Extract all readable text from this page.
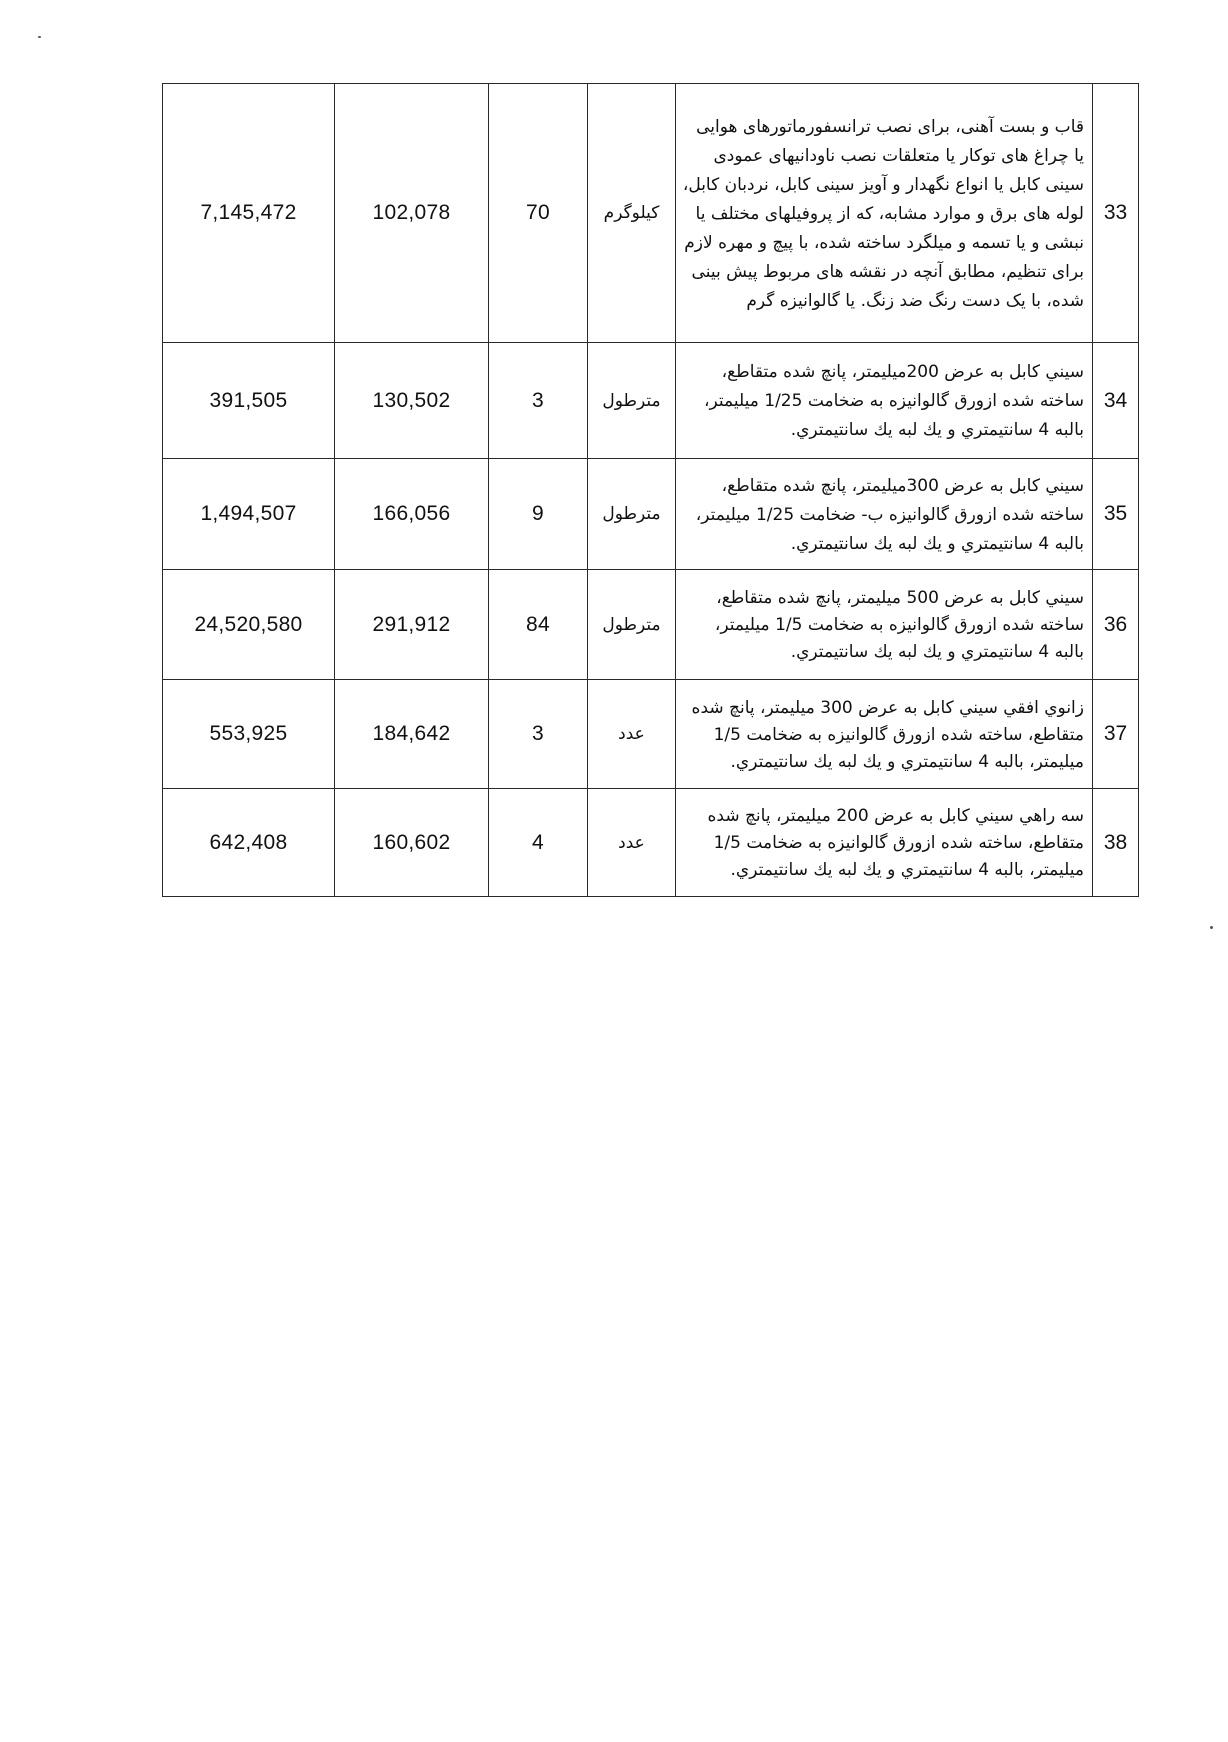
7,145,472	102,078	70	کیلوگرم	قاب و بست آهنی، برای نصب ترانسفورماتورهای هوایی یا چراغ های توکار یا متعلقات نصب ناودانیهای عمودی سینی کابل یا انواع نگهدار و آویز سینی کابل، نردبان کابل، لوله های برق و موارد مشابه، که از پروفیلهای مختلف یا نبشی و یا تسمه و میلگرد ساخته شده، با پیچ و مهره لازم برای تنظیم، مطابق آنچه در نقشه های مربوط پیش بینی شده، با یک دست رنگ ضد زنگ. یا گالوانیزه گرم	33
391,505	130,502	3	مترطول	سيني كابل به عرض 200ميليمتر، پانچ شده متقاطع، ساخته شده ازورق گالوانيزه به ضخامت 1/25 ميليمتر، بالبه 4 سانتيمتري و يك لبه يك سانتيمتري.	34
1,494,507	166,056	9	مترطول	سيني كابل به عرض 300ميليمتر، پانچ شده متقاطع، ساخته شده ازورق گالوانيزه ب- ضخامت 1/25 ميليمتر، بالبه 4 سانتيمتري و يك لبه يك سانتيمتري.	35
24,520,580	291,912	84	مترطول	سيني كابل به عرض 500 ميليمتر، پانچ شده متقاطع، ساخته شده ازورق گالوانيزه به ضخامت 1/5 ميليمتر، بالبه 4 سانتيمتري و يك لبه يك سانتيمتري.	36
553,925	184,642	3	عدد	زانوي افقي سيني كابل به عرض 300 ميليمتر، پانچ شده متقاطع، ساخته شده ازورق گالوانيزه به ضخامت 1/5 ميليمتر، بالبه 4 سانتيمتري و يك لبه يك سانتيمتري.	37
642,408	160,602	4	عدد	سه راهي سيني كابل به عرض 200 ميليمتر، پانچ شده متقاطع، ساخته شده ازورق گالوانيزه به ضخامت 1/5 ميليمتر، بالبه 4 سانتيمتري و يك لبه يك سانتيمتري.	38
